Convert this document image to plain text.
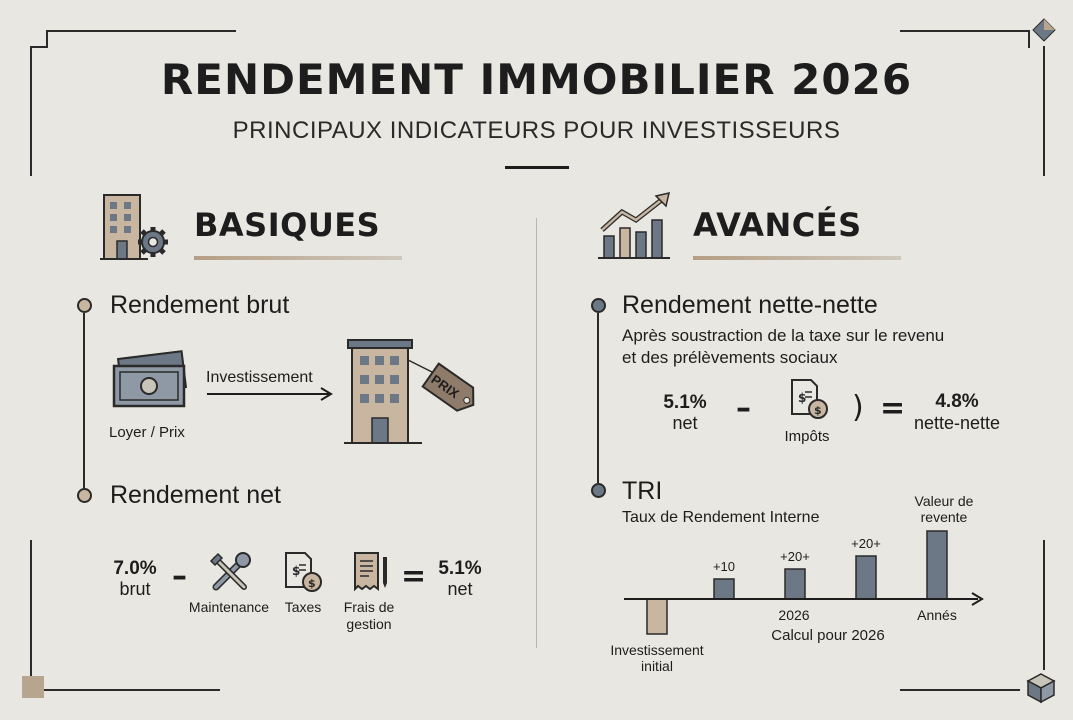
RENDEMENT IMMOBILIER 2026
PRINCIPAUX INDICATEURS POUR INVESTISSEURS
BASIQUES
Rendement brut
Loyer / Prix
Investissement	PRIX
Rendement net
7.0%
brut –
Maintenance
$
$
Taxes	Frais de
gestion
= 5.1%
net
AVANCÉS
Rendement nette-nette
Après soustraction de la taxe sur le revenu
et des prélèvements sociaux
5.1%
net	–	$
$
Impôts
) =	4.8%
nette-nette
TRI
Taux de Rendement Interne
+10
+20+
+20+
Valeur de
revente
Investissement
initial
2026	Annés
Calcul pour 2026
